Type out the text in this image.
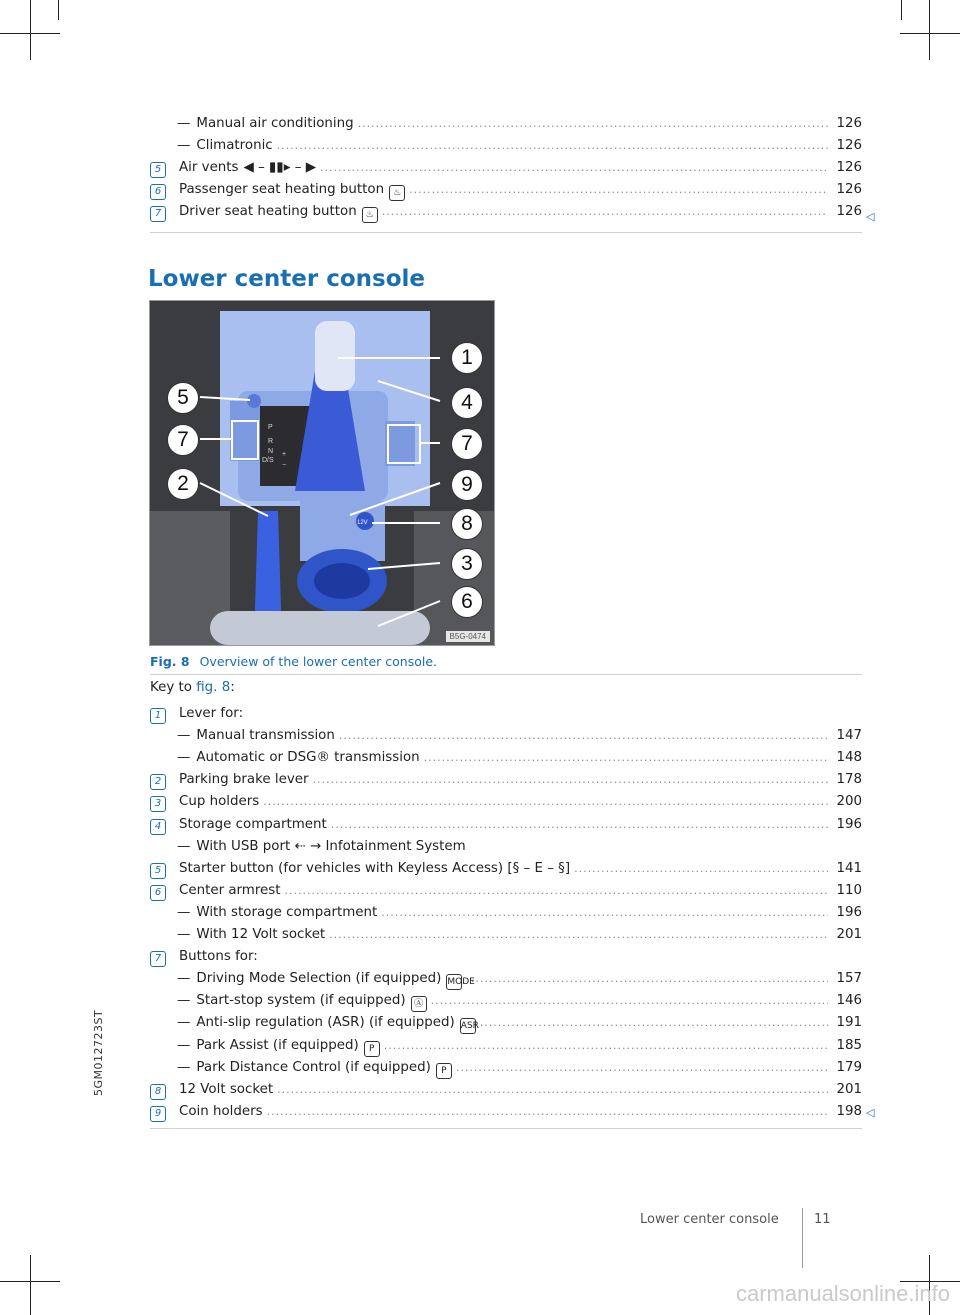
— Manual air conditioning .....	126
— Climatronic .....	126
5	Air vents ◀ – ▮▮▸ – ▶ .....	126
6	Passenger seat heating button ♨ .....	126
7	Driver seat heating button ♨ .....	126 ◁
Lower center console
P
R
N
D/S
+
−
12V
1
4
5
7	7
2	9
8
3
6
B5G-0474
Fig. 8 Overview of the lower center console.
Key to fig. 8:
1	Lever for:
— Manual transmission .....	147
— Automatic or DSG® transmission .....	148
2	Parking brake lever .....	178
3	Cup holders .....	200
4	Storage compartment .....	196
— With USB port ⇠ → Infotainment System
5	Starter button (for vehicles with Keyless Access) [§ – E – §] .....	141
6	Center armrest .....	110
— With storage compartment .....	196
— With 12 Volt socket .....	201
7	Buttons for:
— Driving Mode Selection (if equipped) MODE .....	157
— Start-stop system (if equipped) Ⓐ .....	146
— Anti-slip regulation (ASR) (if equipped) ASR .....	191
— Park Assist (if equipped)	P .....	185
— Park Distance Control (if equipped)	P .....	179
8	12 Volt socket .....	201
9	Coin holders .....	198 ◁
5GM012723ST
Lower center console	11
carmanualsonline.info
